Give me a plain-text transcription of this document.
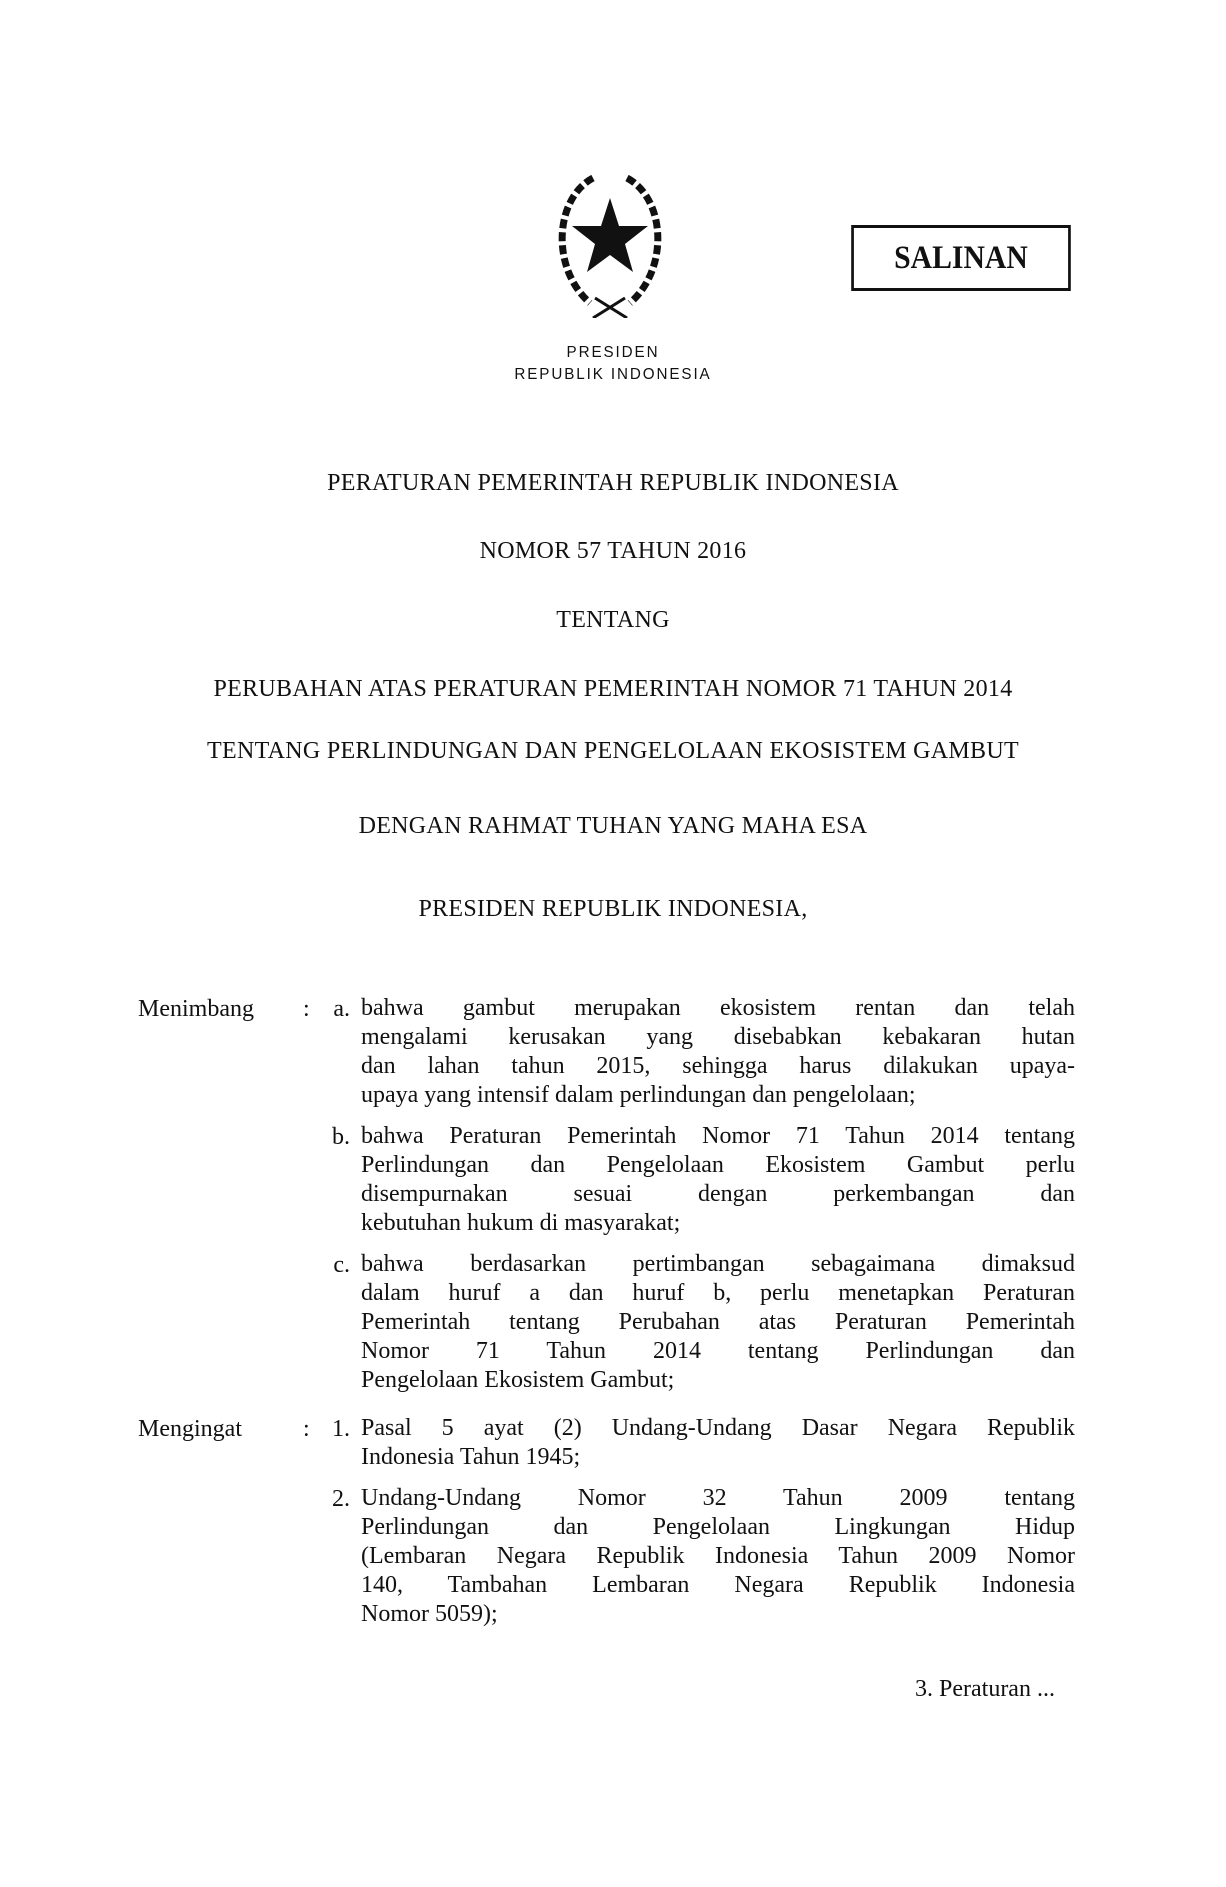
SALINAN
PRESIDEN
REPUBLIK INDONESIA
PERATURAN PEMERINTAH REPUBLIK INDONESIA
NOMOR 57 TAHUN 2016
TENTANG
PERUBAHAN ATAS PERATURAN PEMERINTAH NOMOR 71 TAHUN 2014
TENTANG PERLINDUNGAN DAN PENGELOLAAN EKOSISTEM GAMBUT
DENGAN RAHMAT TUHAN YANG MAHA ESA
PRESIDEN REPUBLIK INDONESIA,
Menimbang : a. bahwa gambut merupakan ekosistem rentan dan telah
mengalami kerusakan yang disebabkan kebakaran hutan
dan lahan tahun 2015, sehingga harus dilakukan upaya-
upaya yang intensif dalam perlindungan dan pengelolaan;
b. bahwa Peraturan Pemerintah Nomor 71 Tahun 2014 tentang
Perlindungan dan Pengelolaan Ekosistem Gambut perlu
disempurnakan sesuai dengan perkembangan dan
kebutuhan hukum di masyarakat;
c. bahwa berdasarkan pertimbangan sebagaimana dimaksud
dalam huruf a dan huruf b, perlu menetapkan Peraturan
Pemerintah tentang Perubahan atas Peraturan Pemerintah
Nomor 71 Tahun 2014 tentang Perlindungan dan
Pengelolaan Ekosistem Gambut;
Mengingat	: 1. Pasal 5 ayat (2) Undang-Undang Dasar Negara Republik
Indonesia Tahun 1945;
2. Undang-Undang Nomor 32 Tahun 2009 tentang
Perlindungan dan Pengelolaan Lingkungan Hidup
(Lembaran Negara Republik Indonesia Tahun 2009 Nomor
140, Tambahan Lembaran Negara Republik Indonesia
Nomor 5059);
3. Peraturan ...
